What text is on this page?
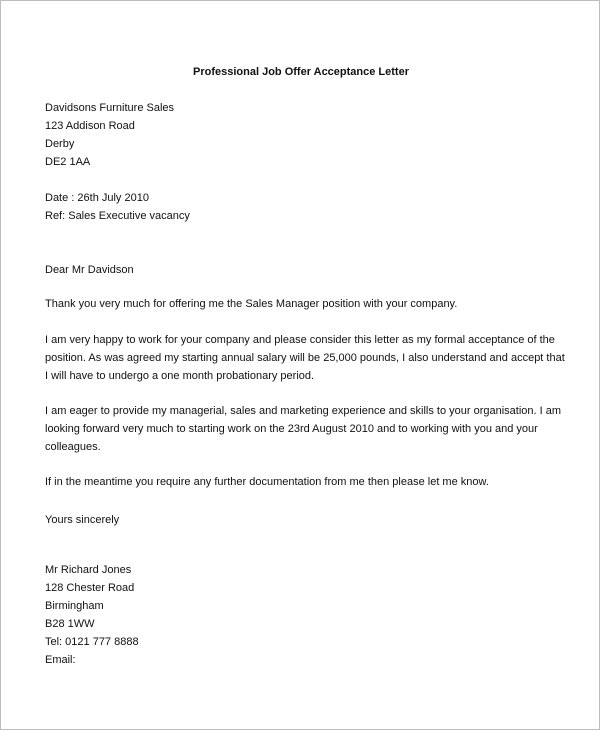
Professional Job Offer Acceptance Letter
Davidsons Furniture Sales
123 Addison Road
Derby
DE2 1AA
Date : 26th July 2010
Ref: Sales Executive vacancy
Dear Mr Davidson
Thank you very much for offering me the Sales Manager position with your company.
I am very happy to work for your company and please consider this letter as my formal acceptance of the position. As was agreed my starting annual salary will be 25,000 pounds, I also understand and accept that I will have to undergo a one month probationary period.
I am eager to provide my managerial, sales and marketing experience and skills to your organisation. I am looking forward very much to starting work on the 23rd August 2010 and to working with you and your colleagues.
If in the meantime you require any further documentation from me then please let me know.
Yours sincerely
Mr Richard Jones
128 Chester Road
Birmingham
B28 1WW
Tel: 0121 777 8888
Email:
